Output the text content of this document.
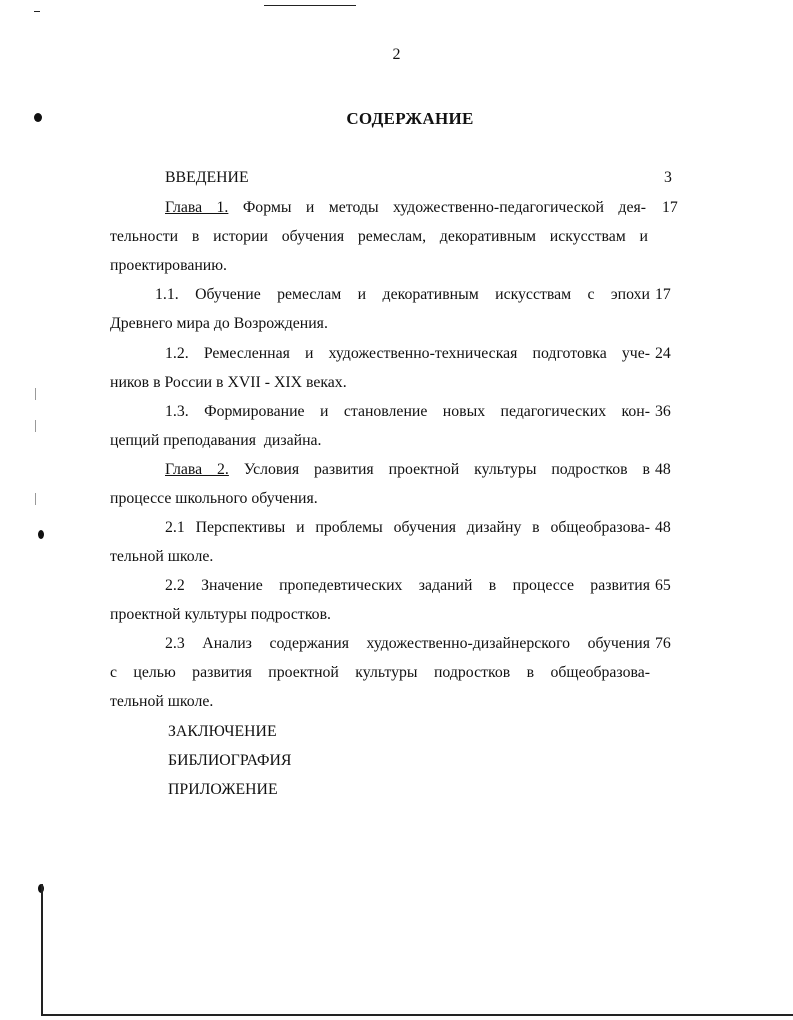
2
СОДЕРЖАНИЕ
ВВЕДЕНИЕ	3
Глава 1. Формы и методы художественно-педагогической дея- 17
тельности в истории обучения ремеслам, декоративным искусствам и
проектированию.
1.1. Обучение ремеслам и декоративным искусствам с эпохи 17
Древнего мира до Возрождения.
1.2. Ремесленная и художественно-техническая подготовка уче- 24
ников в России в XVII - XIX веках.
1.3. Формирование и становление новых педагогических кон- 36
цепций преподавания  дизайна.
Глава 2. Условия развития проектной культуры подростков в 48
процессе школьного обучения.
2.1 Перспективы и проблемы обучения дизайну в общеобразова- 48
тельной школе.
2.2 Значение пропедевтических заданий в процессе развития 65
проектной культуры подростков.
2.3 Анализ содержания художественно-дизайнерского обучения 76
с целью развития проектной культуры подростков в общеобразова-
тельной школе.
ЗАКЛЮЧЕНИЕ
БИБЛИОГРАФИЯ
ПРИЛОЖЕНИЕ
